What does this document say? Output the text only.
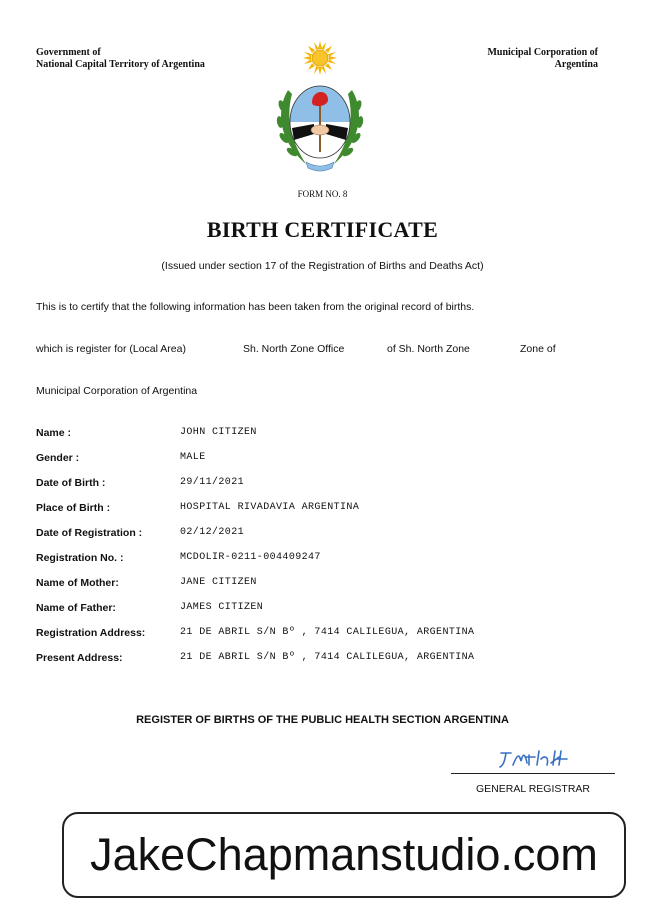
Government of
National Capital Territory of Argentina
Municipal Corporation of
Argentina
FORM NO. 8
BIRTH CERTIFICATE
(Issued under section 17 of the Registration of Births and Deaths Act)
This is to certify that the following information has been taken from the original record of births.
which is register for (Local Area)	Sh. North Zone Office	of Sh. North Zone	Zone of
Municipal Corporation of Argentina
Name :	JOHN CITIZEN
Gender :	MALE
Date of Birth :	29/11/2021
Place of Birth :	HOSPITAL RIVADAVIA ARGENTINA
Date of Registration :	02/12/2021
Registration No. :	MCDOLIR-0211-004409247
Name of Mother:	JANE CITIZEN
Name of Father:	JAMES CITIZEN
Registration Address:	21 DE ABRIL S/N Bº , 7414 CALILEGUA, ARGENTINA
Present Address:	21 DE ABRIL S/N Bº , 7414 CALILEGUA, ARGENTINA
REGISTER OF BIRTHS OF THE PUBLIC HEALTH SECTION ARGENTINA
GENERAL REGISTRAR
JakeChapmanstudio.com
